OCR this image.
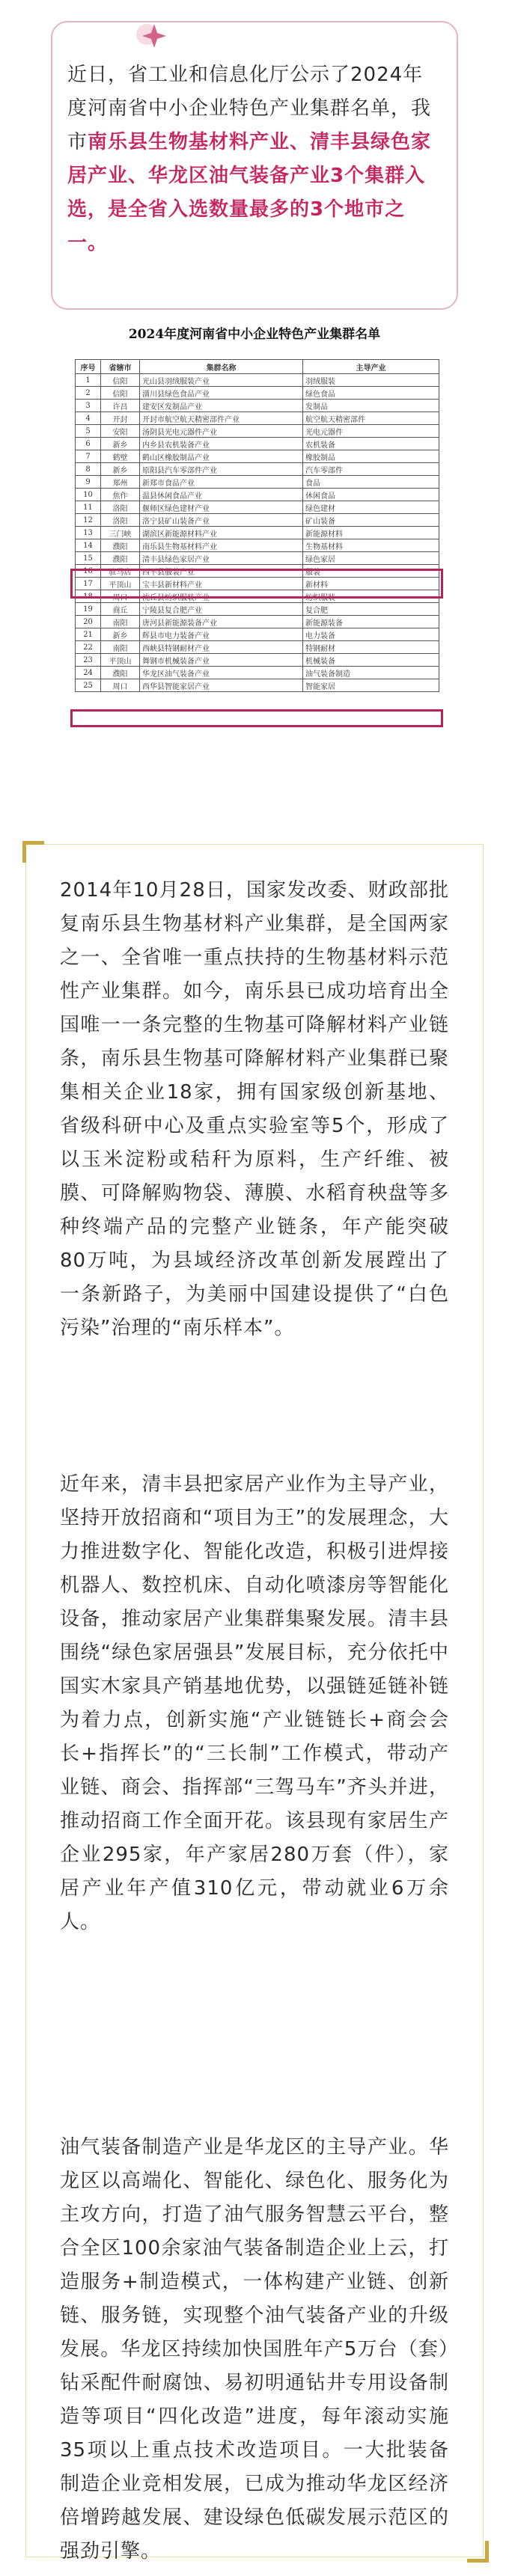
近日，省工业和信息化厅公示了2024年度河南省中小企业特色产业集群名单，我市南乐县生物基材料产业、清丰县绿色家居产业、华龙区油气装备产业3个集群入选，是全省入选数量最多的3个地市之一。
2024年度河南省中小企业特色产业集群名单
序号	省辖市	集群名称	主导产业
1	信阳	光山县羽绒服装产业	羽绒服装
2	信阳	潢川县绿色食品产业	绿色食品
3	许昌	建安区发制品产业	发制品
4	开封	开封市航空航天精密部件产业	航空航天精密部件
5	安阳	汤阴县光电元器件产业	光电元器件
6	新乡	内乡县农机装备产业	农机装备
7	鹤壁	鹤山区橡胶制品产业	橡胶制品
8	新乡	原阳县汽车零部件产业	汽车零部件
9	郑州	新郑市食品产业	食品
10	焦作	温县休闲食品产业	休闲食品
11	洛阳	偃师区绿色建材产业	绿色建材
12	洛阳	洛宁县矿山装备产业	矿山装备
13	三门峡	湖滨区新能源材料产业	新能源材料
14	濮阳	南乐县生物基材料产业	生物基材料
15	濮阳	清丰县绿色家居产业	绿色家居
16	驻马店	西平县服装产业	服装
17	平顶山	宝丰县新材料产业	新材料
18	周口	沈丘县纺织服装产业	纺织服装
19	商丘	宁陵县复合肥产业	复合肥
20	南阳	唐河县新能源装备产业	新能源装备
21	新乡	辉县市电力装备产业	电力装备
22	南阳	西峡县特钢耐材产业	特钢耐材
23	平顶山	舞钢市机械装备产业	机械装备
24	濮阳	华龙区油气装备产业	油气装备制造
25	周口	西华县智能家居产业	智能家居
2014年10月28日，国家发改委、财政部批复南乐县生物基材料产业集群，是全国两家之一、全省唯一重点扶持的生物基材料示范性产业集群。如今，南乐县已成功培育出全国唯一一条完整的生物基可降解材料产业链条，南乐县生物基可降解材料产业集群已聚集相关企业18家，拥有国家级创新基地、省级科研中心及重点实验室等5个，形成了以玉米淀粉或秸秆为原料，生产纤维、被膜、可降解购物袋、薄膜、水稻育秧盘等多种终端产品的完整产业链条，年产能突破80万吨，为县域经济改革创新发展蹚出了一条新路子，为美丽中国建设提供了“白色污染”治理的“南乐样本”。
近年来，清丰县把家居产业作为主导产业，坚持开放招商和“项目为王”的发展理念，大力推进数字化、智能化改造，积极引进焊接机器人、数控机床、自动化喷漆房等智能化设备，推动家居产业集群集聚发展。清丰县围绕“绿色家居强县”发展目标，充分依托中国实木家具产销基地优势，以强链延链补链为着力点，创新实施“产业链链长+商会会长+指挥长”的“三长制”工作模式，带动产业链、商会、指挥部“三驾马车”齐头并进，推动招商工作全面开花。该县现有家居生产企业295家，年产家居280万套（件），家居产业年产值310亿元，带动就业6万余人。
油气装备制造产业是华龙区的主导产业。华龙区以高端化、智能化、绿色化、服务化为主攻方向，打造了油气服务智慧云平台，整合全区100余家油气装备制造企业上云，打造服务+制造模式，一体构建产业链、创新链、服务链，实现整个油气装备产业的升级发展。华龙区持续加快国胜年产5万台（套）钻采配件耐腐蚀、易初明通钻井专用设备制造等项目“四化改造”进度，每年滚动实施35项以上重点技术改造项目。一大批装备制造企业竞相发展，已成为推动华龙区经济倍增跨越发展、建设绿色低碳发展示范区的强劲引擎。
